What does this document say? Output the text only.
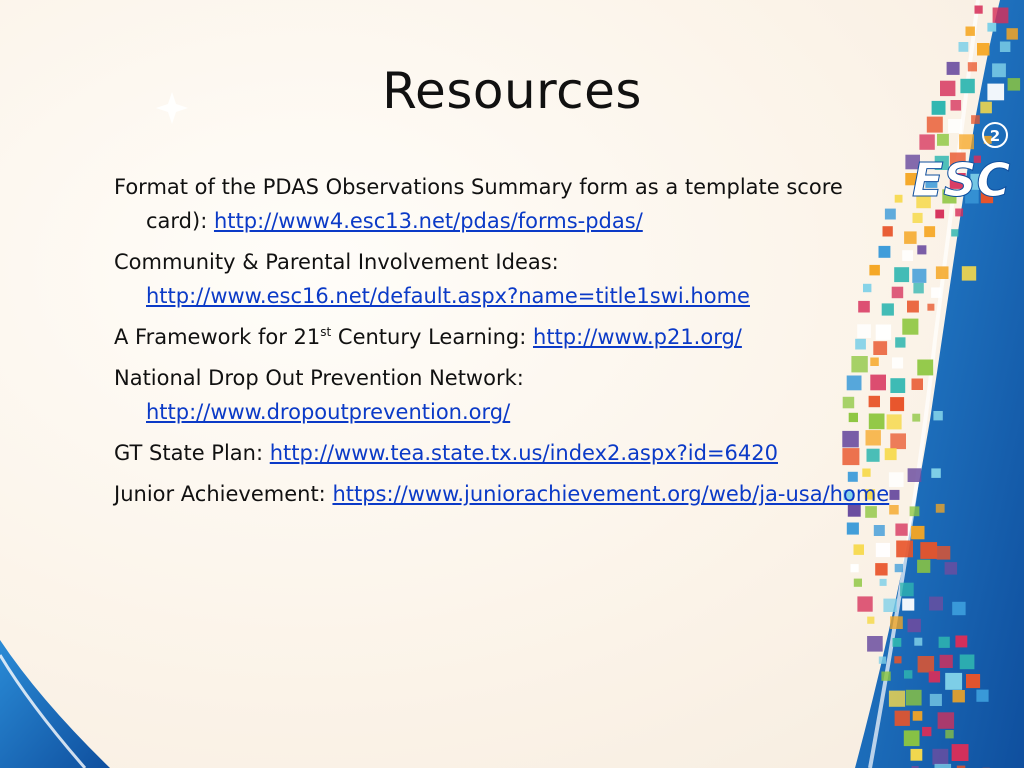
2
ESC
Resources
Format of the PDAS Observations Summary form as a template score card): http://www4.esc13.net/pdas/forms-pdas/
Community & Parental Involvement Ideas:
http://www.esc16.net/default.aspx?name=title1swi.home
A Framework for 21st Century Learning: http://www.p21.org/
National Drop Out Prevention Network:
http://www.dropoutprevention.org/
GT State Plan: http://www.tea.state.tx.us/index2.aspx?id=6420
Junior Achievement: https://www.juniorachievement.org/web/ja-usa/home
